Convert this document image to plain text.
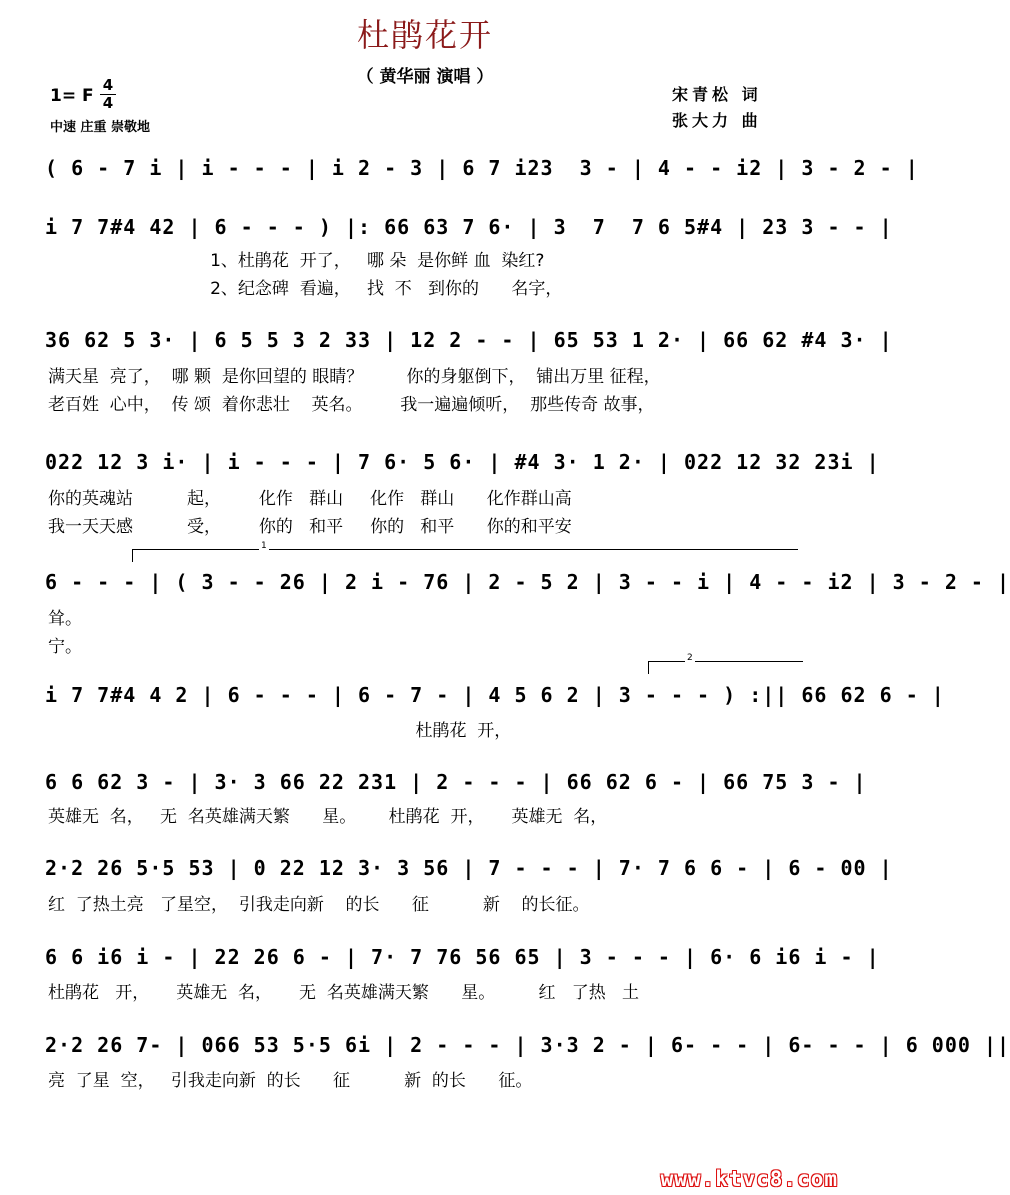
杜鹃花开
（ 黄华丽 演唱 ）
1= F
4
4
中速 庄重 崇敬地
宋青松 词
张大力 曲
( 6 - 7 i | i - - - | i 2 - 3 | 6 7 i23  3 - | 4 - - i2 | 3 - 2 - |
i 7 7#4 42 | 6 - - - ) |: 66 63 7 6· | 3  7  7 6 5#4 | 23 3 - - |
1、杜鹃花  开了，   哪 朵  是你鲜 血  染红?
2、纪念碑  看遍，   找  不   到你的      名字，
36 62 5 3· | 6 5 5 3 2 33 | 12 2 - - | 65 53 1 2· | 66 62 #4 3· |
满天星  亮了，  哪 颗  是你回望的 眼睛？        你的身躯倒下，  铺出万里 征程，
老百姓  心中，  传 颂  着你悲壮    英名。       我一遍遍倾听，  那些传奇 故事，
022 12 3 i· | i - - - | 7 6· 5 6· | #4 3· 1 2· | 022 12 32 23i |
你的英魂站          起，       化作   群山     化作   群山      化作群山高
我一天天感          受，       你的   和平     你的   和平      你的和平安
1
6 - - - | ( 3 - - 26 | 2 i - 76 | 2 - 5 2 | 3 - - i | 4 - - i2 | 3 - 2 - |
耸。
宁。
2
i 7 7#4 4 2 | 6 - - - | 6 - 7 - | 4 5 6 2 | 3 - - - ) :|| 66 62 6 - |
杜鹃花  开，
6 6 62 3 - | 3· 3 66 22 231 | 2 - - - | 66 62 6 - | 66 75 3 - |
英雄无  名，   无  名英雄满天繁      星。      杜鹃花  开，     英雄无  名，
2·2 26 5·5 53 | 0 22 12 3· 3 56 | 7 - - - | 7· 7 6 6 - | 6 - 00 |
红  了热土亮   了星空，  引我走向新    的长      征          新    的长征。
6 6 i6 i - | 22 26 6 - | 7· 7 76 56 65 | 3 - - - | 6· 6 i6 i - |
杜鹃花   开，     英雄无  名，     无  名英雄满天繁      星。        红   了热   土
2·2 26 7- | 066 53 5·5 6i | 2 - - - | 3·3 2 - | 6- - - | 6- - - | 6 000 ||
亮  了星  空，   引我走向新  的长      征          新  的长      征。
www.ktvc8.com
